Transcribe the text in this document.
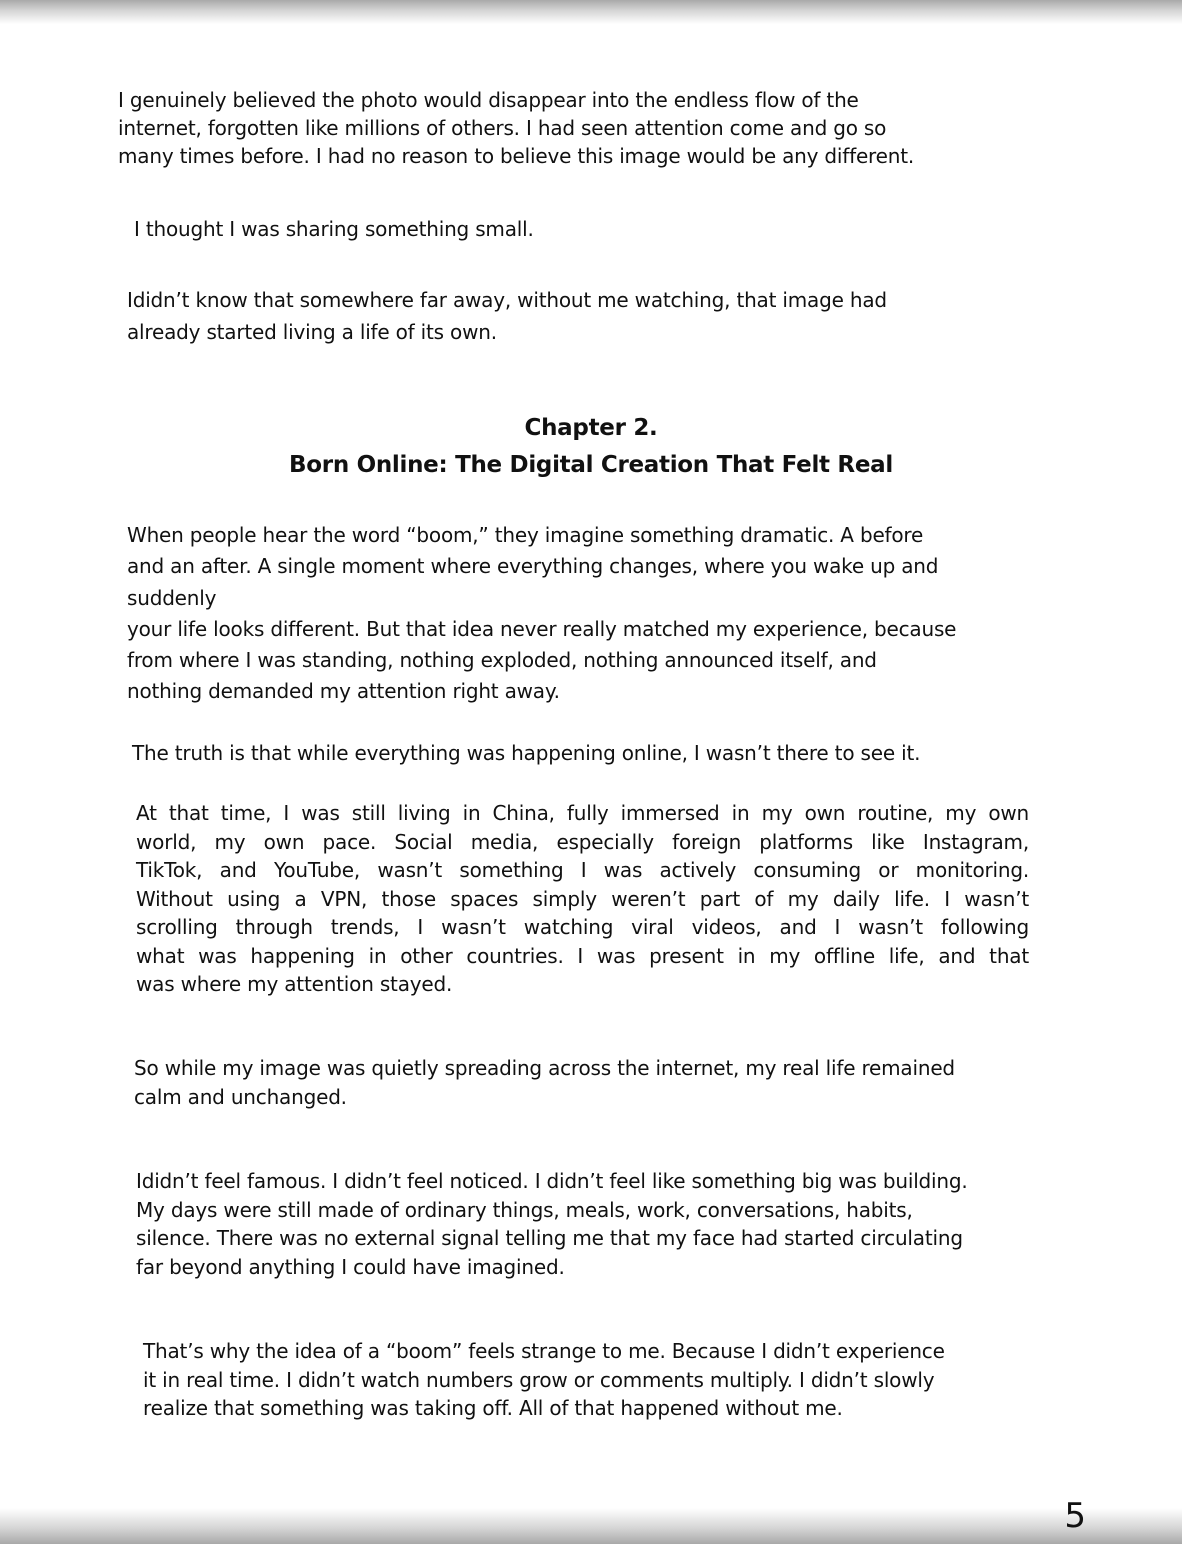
I genuinely believed the photo would disappear into the endless flow of the
internet, forgotten like millions of others. I had seen attention come and go so
many times before. I had no reason to believe this image would be any different.
I thought I was sharing something small.
Ididn’t know that somewhere far away, without me watching, that image had
already started living a life of its own.
Chapter 2.
Born Online: The Digital Creation That Felt Real
When people hear the word “boom,” they imagine something dramatic. A before
and an after. A single moment where everything changes, where you wake up and
suddenly
your life looks different. But that idea never really matched my experience, because
from where I was standing, nothing exploded, nothing announced itself, and
nothing demanded my attention right away.
The truth is that while everything was happening online, I wasn’t there to see it.
At that time, I was still living in China, fully immersed in my own routine, my own
world, my own pace. Social media, especially foreign platforms like Instagram,
TikTok, and YouTube, wasn’t something I was actively consuming or monitoring.
Without using a VPN, those spaces simply weren’t part of my daily life. I wasn’t
scrolling through trends, I wasn’t watching viral videos, and I wasn’t following
what was happening in other countries. I was present in my offline life, and that
was where my attention stayed.
So while my image was quietly spreading across the internet, my real life remained
calm and unchanged.
Ididn’t feel famous. I didn’t feel noticed. I didn’t feel like something big was building.
My days were still made of ordinary things, meals, work, conversations, habits,
silence. There was no external signal telling me that my face had started circulating
far beyond anything I could have imagined.
That’s why the idea of a “boom” feels strange to me. Because I didn’t experience
it in real time. I didn’t watch numbers grow or comments multiply. I didn’t slowly
realize that something was taking off. All of that happened without me.
5
